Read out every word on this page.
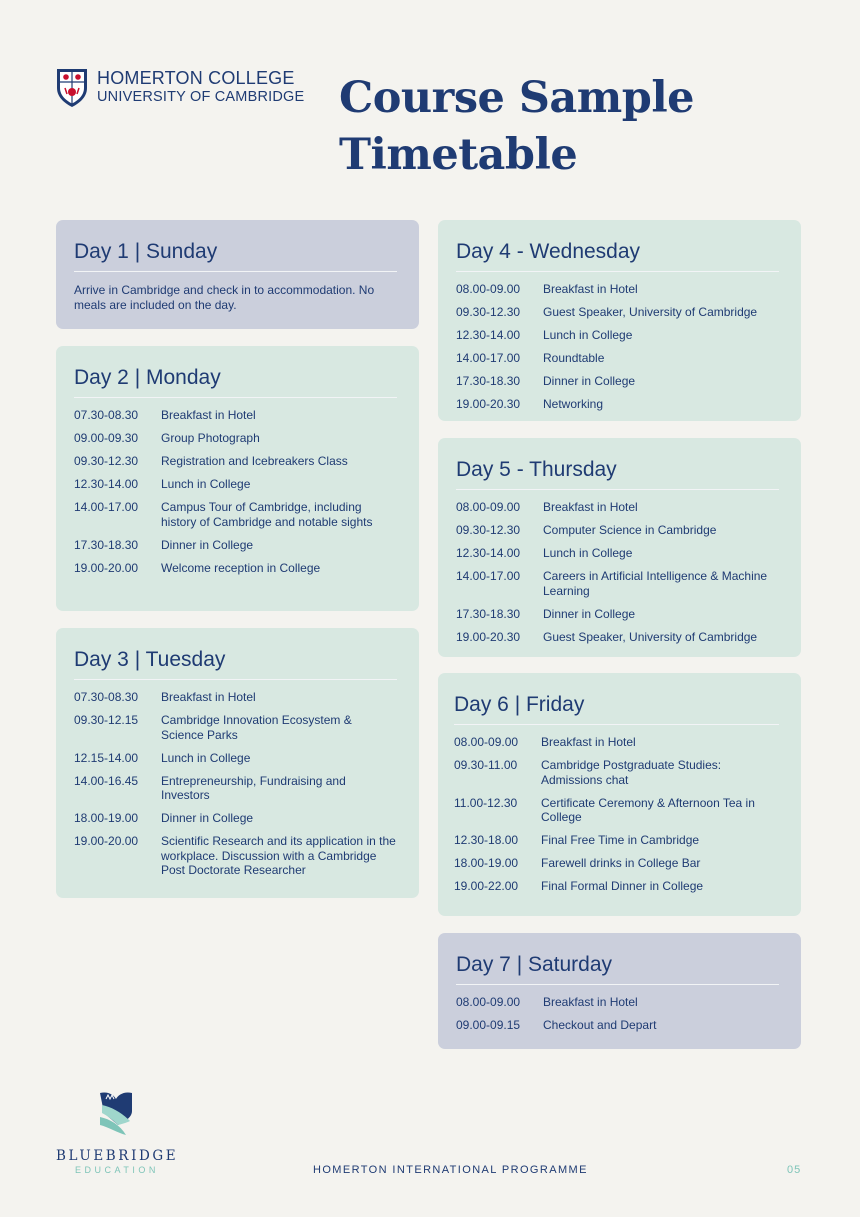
HOMERTON COLLEGE
UNIVERSITY OF CAMBRIDGE Course Sample
Timetable
Day 1 | Sunday
Arrive in Cambridge and check in to accommodation. No meals are included on the day.
Day 2 | Monday
07.30-08.30	Breakfast in Hotel
09.00-09.30	Group Photograph
09.30-12.30	Registration and Icebreakers Class
12.30-14.00	Lunch in College
14.00-17.00	Campus Tour of Cambridge, including history of Cambridge and notable sights
17.30-18.30	Dinner in College
19.00-20.00	Welcome reception in College
Day 3 | Tuesday
07.30-08.30	Breakfast in Hotel
09.30-12.15	Cambridge Innovation Ecosystem & Science Parks
12.15-14.00	Lunch in College
14.00-16.45	Entrepreneurship, Fundraising and Investors
18.00-19.00	Dinner in College
19.00-20.00	Scientific Research and its application in the workplace. Discussion with a Cambridge Post Doctorate Researcher
Day 4 - Wednesday
08.00-09.00	Breakfast in Hotel
09.30-12.30	Guest Speaker, University of Cambridge
12.30-14.00	Lunch in College
14.00-17.00	Roundtable
17.30-18.30	Dinner in College
19.00-20.30	Networking
Day 5 - Thursday
08.00-09.00	Breakfast in Hotel
09.30-12.30	Computer Science in Cambridge
12.30-14.00	Lunch in College
14.00-17.00	Careers in Artificial Intelligence & Machine Learning
17.30-18.30	Dinner in College
19.00-20.30	Guest Speaker, University of Cambridge
Day 6 | Friday
08.00-09.00	Breakfast in Hotel
09.30-11.00	Cambridge Postgraduate Studies: Admissions chat
11.00-12.30	Certificate Ceremony & Afternoon Tea in College
12.30-18.00	Final Free Time in Cambridge
18.00-19.00	Farewell drinks in College Bar
19.00-22.00	Final Formal Dinner in College
Day 7 | Saturday
08.00-09.00	Breakfast in Hotel
09.00-09.15	Checkout and Depart
BLUEBRIDGE
EDUCATION	HOMERTON INTERNATIONAL PROGRAMME	05
